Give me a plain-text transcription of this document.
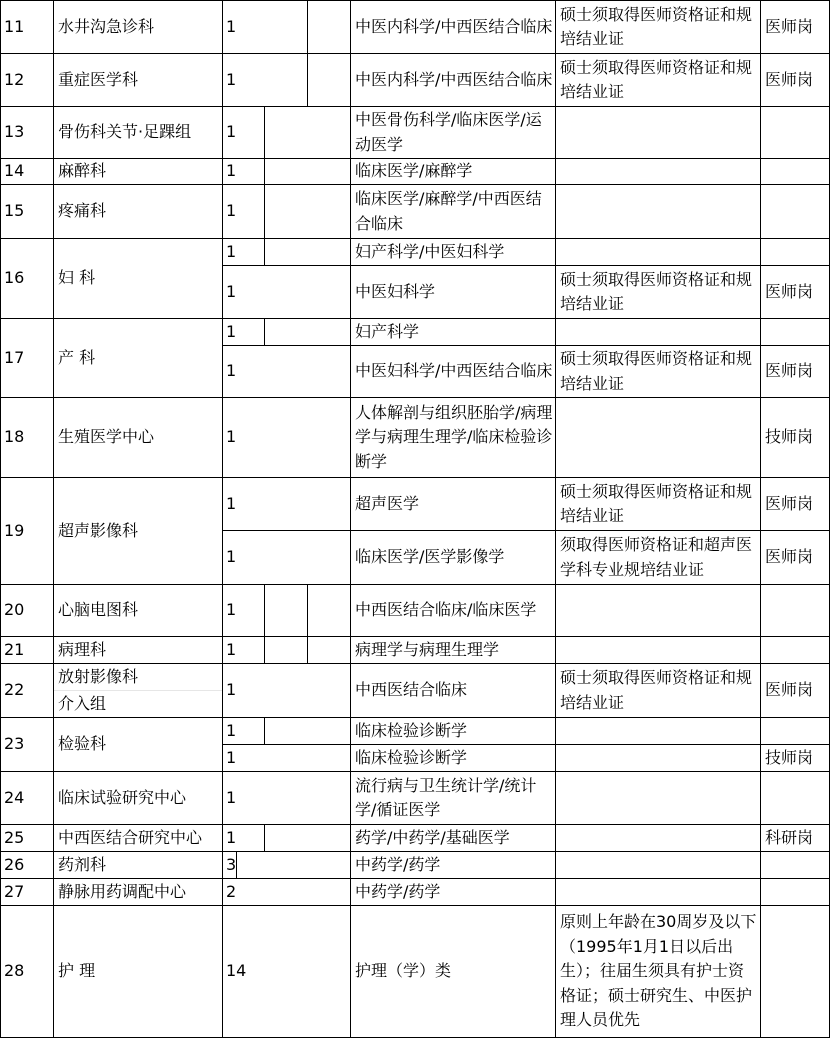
11
12
13
14
15
16
17
18
19
20
21
22
23
24
25
26
27
28
水井沟急诊科
重症医学科
骨伤科关节·足踝组
麻醉科
疼痛科
妇 科
产 科
生殖医学中心
超声影像科
心脑电图科
病理科
放射影像科
介入组
检验科
临床试验研究中心
中西医结合研究中心
药剂科
静脉用药调配中心
护 理
1
1
1
1
1
1
1
1
1
1
1
1
1
1
1
1
1
1
1
3
2
14
中医内科学/中西医结合临床
中医内科学/中西医结合临床
中医骨伤科学/临床医学/运动医学
临床医学/麻醉学
临床医学/麻醉学/中西医结合临床
妇产科学/中医妇科学
中医妇科学
妇产科学
中医妇科学/中西医结合临床
人体解剖与组织胚胎学/病理学与病理生理学/临床检验诊断学
超声医学
临床医学/医学影像学
中西医结合临床/临床医学
病理学与病理生理学
中西医结合临床
临床检验诊断学
临床检验诊断学
流行病与卫生统计学/统计学/循证医学
药学/中药学/基础医学
中药学/药学
中药学/药学
护理（学）类
硕士须取得医师资格证和规培结业证
硕士须取得医师资格证和规培结业证
硕士须取得医师资格证和规培结业证
硕士须取得医师资格证和规培结业证
硕士须取得医师资格证和规培结业证
须取得医师资格证和超声医学科专业规培结业证
硕士须取得医师资格证和规培结业证
原则上年龄在30周岁及以下（1995年1月1日以后出生）；往届生须具有护士资格证；硕士研究生、中医护理人员优先
医师岗
医师岗
医师岗
医师岗
技师岗
医师岗
医师岗
医师岗
技师岗
科研岗
